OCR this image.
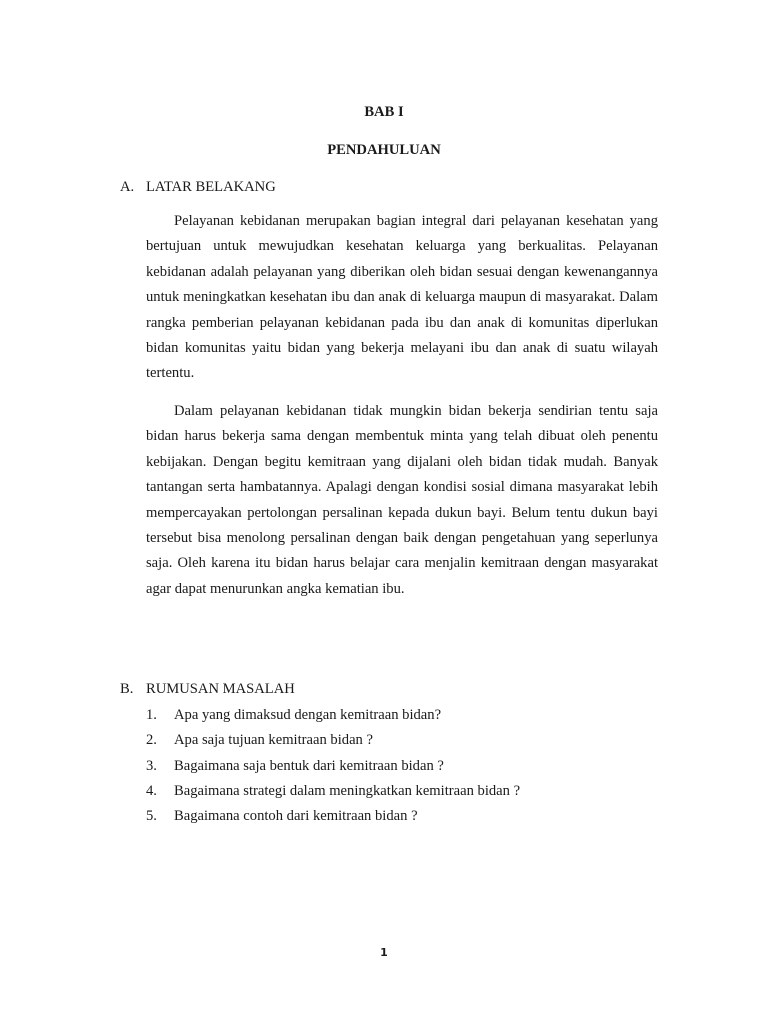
BAB I
PENDAHULUAN
A. LATAR BELAKANG

Pelayanan kebidanan merupakan bagian integral dari pelayanan kesehatan yang bertujuan untuk mewujudkan kesehatan keluarga yang berkualitas. Pelayanan kebidanan adalah pelayanan yang diberikan oleh bidan sesuai dengan kewenangannya untuk meningkatkan kesehatan ibu dan anak di keluarga maupun di masyarakat. Dalam rangka pemberian pelayanan kebidanan pada ibu dan anak di komunitas diperlukan bidan komunitas yaitu bidan yang bekerja melayani ibu dan anak di suatu wilayah tertentu.

Dalam pelayanan kebidanan tidak mungkin bidan bekerja sendirian tentu saja bidan harus bekerja sama dengan membentuk minta yang telah dibuat oleh penentu kebijakan. Dengan begitu kemitraan yang dijalani oleh bidan tidak mudah. Banyak tantangan serta hambatannya. Apalagi dengan kondisi sosial dimana masyarakat lebih mempercayakan pertolongan persalinan kepada dukun bayi. Belum tentu dukun bayi tersebut bisa menolong persalinan dengan baik dengan pengetahuan yang seperlunya saja. Oleh karena itu bidan harus belajar cara menjalin kemitraan dengan masyarakat agar dapat menurunkan angka kematian ibu.

B. RUMUSAN MASALAH
1. Apa yang dimaksud dengan kemitraan bidan?
2. Apa saja tujuan kemitraan bidan ?
3. Bagaimana saja bentuk dari kemitraan bidan ?
4. Bagaimana strategi dalam meningkatkan kemitraan bidan ?
5. Bagaimana contoh dari kemitraan bidan ?
1
